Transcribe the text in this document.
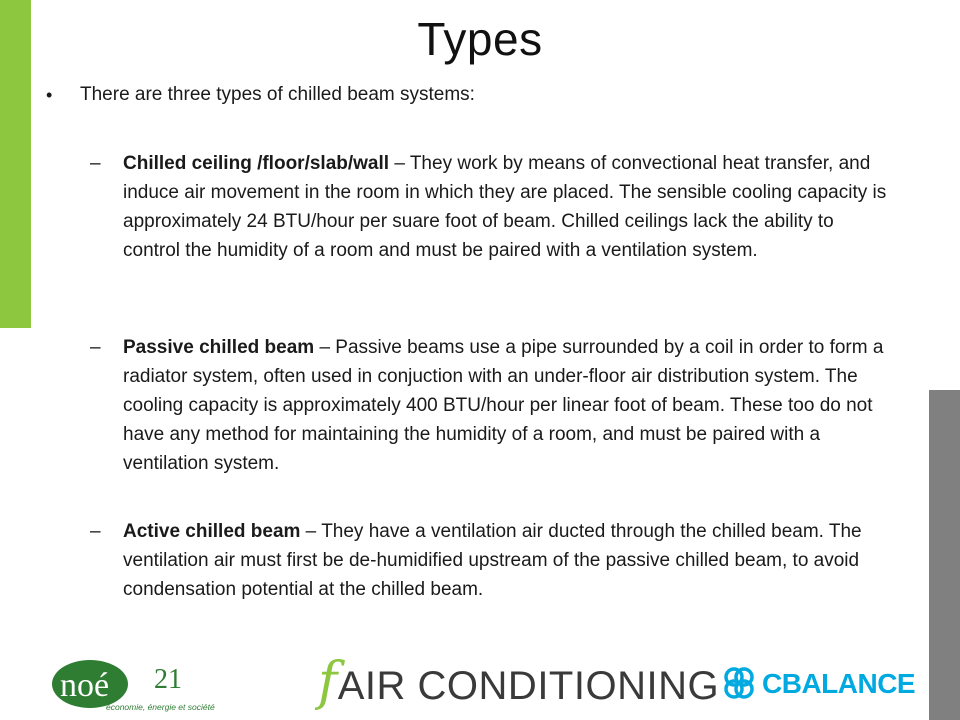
Types
• There are three types of chilled beam systems:
– Chilled ceiling /floor/slab/wall – They work by means of convectional heat transfer, and induce air movement in the room in which they are placed. The sensible cooling capacity is approximately 24 BTU/hour per suare foot of beam. Chilled ceilings lack the ability to control the humidity of a room and must be paired with a ventilation system.
– Passive chilled beam – Passive beams use a pipe surrounded by a coil in order to form a radiator system, often used in conjuction with an under-floor air distribution system. The cooling capacity is approximately 400 BTU/hour per linear foot of beam. These too do not have any method for maintaining the humidity of a room, and must be paired with a ventilation system.
– Active chilled beam – They have a ventilation air ducted through the chilled beam. The ventilation air must first be de-humidified upstream of the passive chilled beam, to avoid condensation potential at the chilled beam.
noé 21
économie, énergie et société fAIR CONDITIONING CBALANCE
